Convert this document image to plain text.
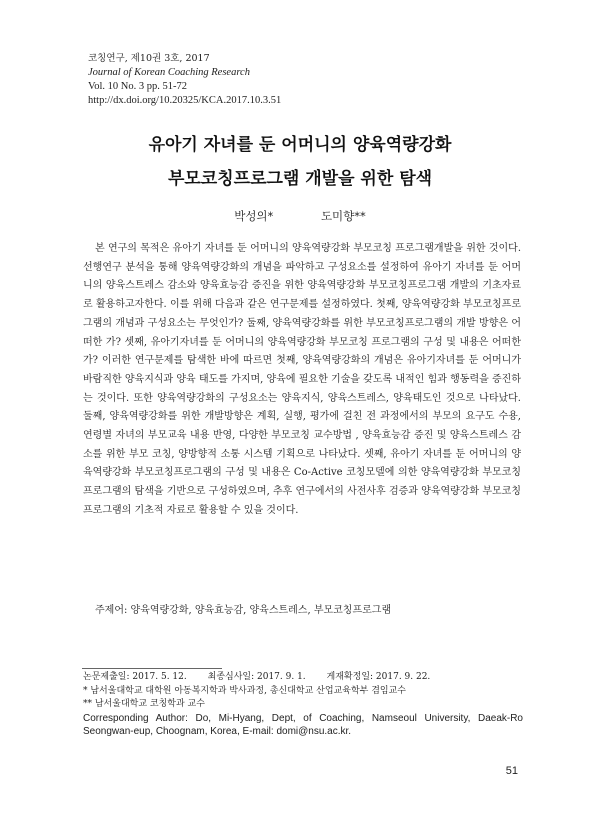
코칭연구, 제10권 3호, 2017
Journal of Korean Coaching Research
Vol. 10 No. 3 pp. 51-72
http://dx.doi.org/10.20325/KCA.2017.10.3.51
유아기 자녀를 둔 어머니의 양육역량강화
부모코칭프로그램 개발을 위한 탐색
박성의*	도미향**
본 연구의 목적은 유아기 자녀를 둔 어머니의 양육역량강화 부모코칭 프로그램개발을 위한 것이다. 선행연구 분석을 통해 양육역량강화의 개념을 파악하고 구성요소를 설정하여 유아기 자녀를 둔 어머니의 양육스트레스 감소와 양육효능감 증진을 위한 양육역량강화 부모코칭프로그램 개발의 기초자료로 활용하고자한다. 이를 위해 다음과 같은 연구문제를 설정하였다. 첫째, 양육역량강화 부모코칭프로그램의 개념과 구성요소는 무엇인가? 둘째, 양육역량강화를 위한 부모코칭프로그램의 개발 방향은 어떠한 가? 셋째, 유아기자녀를 둔 어머니의 양육역량강화 부모코칭 프로그램의 구성 및 내용은 어떠한가? 이러한 연구문제를 탐색한 바에 따르면 첫째, 양육역량강화의 개념은 유아기자녀를 둔 어머니가 바람직한 양육지식과 양육 태도를 가지며, 양육에 필요한 기술을 갖도록 내적인 힘과 행동력을 증진하는 것이다. 또한 양육역량강화의 구성요소는 양육지식, 양육스트레스, 양육태도인 것으로 나타났다. 둘째, 양육역량강화를 위한 개발방향은 계획, 실행, 평가에 걸친 전 과정에서의 부모의 요구도 수용, 연령별 자녀의 부모교육 내용 반영, 다양한 부모코칭 교수방법 , 양육효능감 증진 및 양육스트레스 감소를 위한 부모 코칭, 양방향적 소통 시스템 기획으로 나타났다. 셋째, 유아기 자녀를 둔 어머니의 양육역량강화 부모코칭프로그램의 구성 및 내용은 Co-Active 코칭모델에 의한 양육역량강화 부모코칭프로그램의 탐색을 기반으로 구성하였으며, 추후 연구에서의 사전사후 검증과 양육역량강화 부모코칭프로그램의 기초적 자료로 활용할 수 있을 것이다.
주제어: 양육역량강화, 양육효능감, 양육스트레스, 부모코칭프로그램
논문제출일: 2017. 5. 12. 최종심사일: 2017. 9. 1. 게재확정일: 2017. 9. 22.
* 남서울대학교 대학원 아동복지학과 박사과정, 총신대학교 산업교육학부 겸임교수
** 남서울대학교 코칭학과 교수
Corresponding Author: Do, Mi-Hyang, Dept, of Coaching, Namseoul University, Daeak-Ro Seongwan-eup, Choognam, Korea, E-mail: domi@nsu.ac.kr.
51
